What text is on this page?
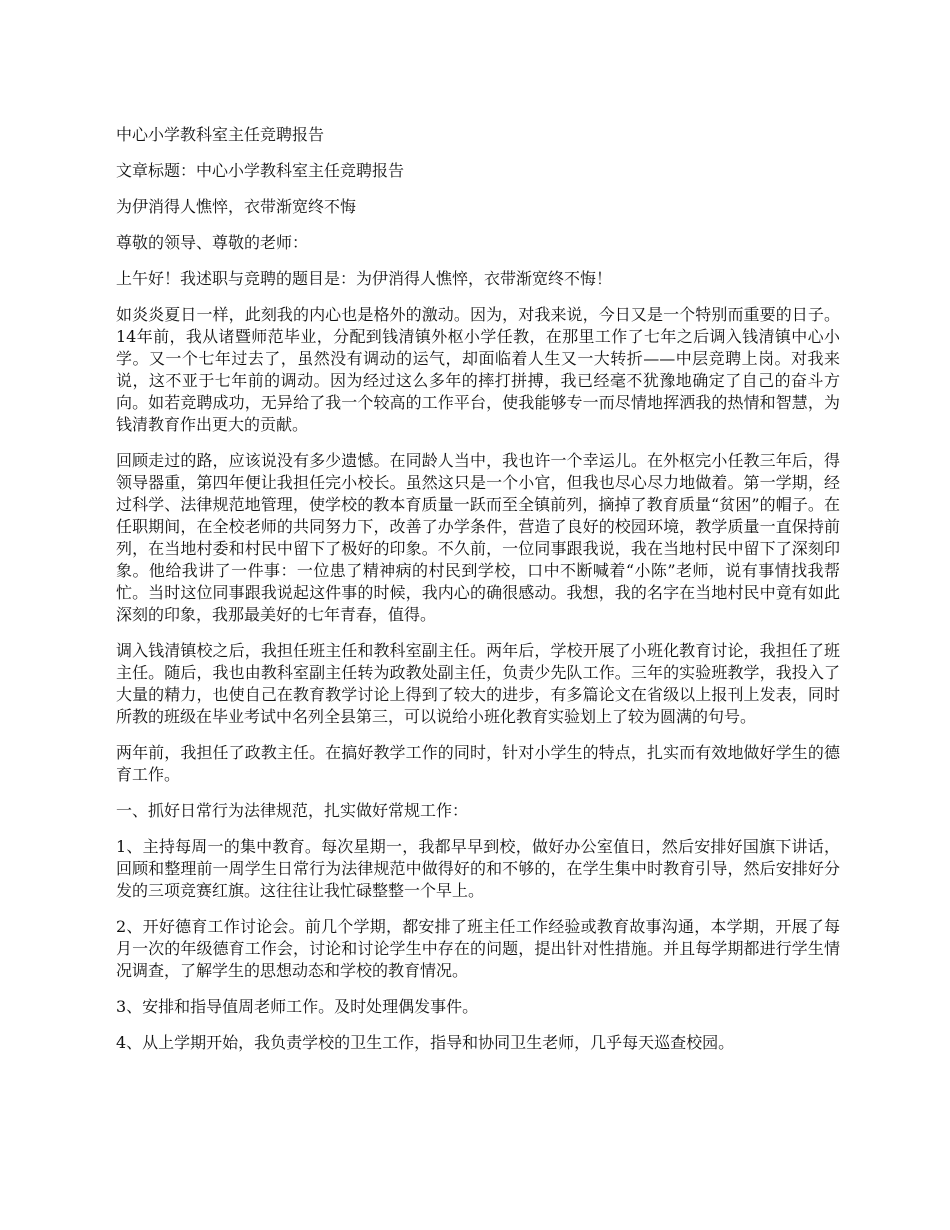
中心小学教科室主任竞聘报告

文章标题：中心小学教科室主任竞聘报告

为伊消得人憔悴，衣带渐宽终不悔

尊敬的领导、尊敬的老师：

上午好！我述职与竞聘的题目是：为伊消得人憔悴，衣带渐宽终不悔！

如炎炎夏日一样，此刻我的内心也是格外的激动。因为，对我来说，今日又是一个特别而重要的日子。14年前，我从诸暨师范毕业，分配到钱清镇外枢小学任教，在那里工作了七年之后调入钱清镇中心小学。又一个七年过去了，虽然没有调动的运气，却面临着人生又一大转折——中层竞聘上岗。对我来说，这不亚于七年前的调动。因为经过这么多年的摔打拼搏，我已经毫不犹豫地确定了自己的奋斗方向。如若竞聘成功，无异给了我一个较高的工作平台，使我能够专一而尽情地挥洒我的热情和智慧，为钱清教育作出更大的贡献。

回顾走过的路，应该说没有多少遗憾。在同龄人当中，我也许一个幸运儿。在外枢完小任教三年后，得领导器重，第四年便让我担任完小校长。虽然这只是一个小官，但我也尽心尽力地做着。第一学期，经过科学、法律规范地管理，使学校的教本育质量一跃而至全镇前列，摘掉了教育质量“贫困”的帽子。在任职期间，在全校老师的共同努力下，改善了办学条件，营造了良好的校园环境，教学质量一直保持前列，在当地村委和村民中留下了极好的印象。不久前，一位同事跟我说，我在当地村民中留下了深刻印象。他给我讲了一件事：一位患了精神病的村民到学校，口中不断喊着“小陈”老师，说有事情找我帮忙。当时这位同事跟我说起这件事的时候，我内心的确很感动。我想，我的名字在当地村民中竟有如此深刻的印象，我那最美好的七年青春，值得。

调入钱清镇校之后，我担任班主任和教科室副主任。两年后，学校开展了小班化教育讨论，我担任了班主任。随后，我也由教科室副主任转为政教处副主任，负责少先队工作。三年的实验班教学，我投入了大量的精力，也使自己在教育教学讨论上得到了较大的进步，有多篇论文在省级以上报刊上发表，同时所教的班级在毕业考试中名列全县第三，可以说给小班化教育实验划上了较为圆满的句号。

两年前，我担任了政教主任。在搞好教学工作的同时，针对小学生的特点，扎实而有效地做好学生的德育工作。

一、抓好日常行为法律规范，扎实做好常规工作：

1、主持每周一的集中教育。每次星期一，我都早早到校，做好办公室值日，然后安排好国旗下讲话，回顾和整理前一周学生日常行为法律规范中做得好的和不够的，在学生集中时教育引导，然后安排好分发的三项竞赛红旗。这往往让我忙碌整整一个早上。

2、开好德育工作讨论会。前几个学期，都安排了班主任工作经验或教育故事沟通，本学期，开展了每月一次的年级德育工作会，讨论和讨论学生中存在的问题，提出针对性措施。并且每学期都进行学生情况调查，了解学生的思想动态和学校的教育情况。

3、安排和指导值周老师工作。及时处理偶发事件。

4、从上学期开始，我负责学校的卫生工作，指导和协同卫生老师，几乎每天巡查校园。
